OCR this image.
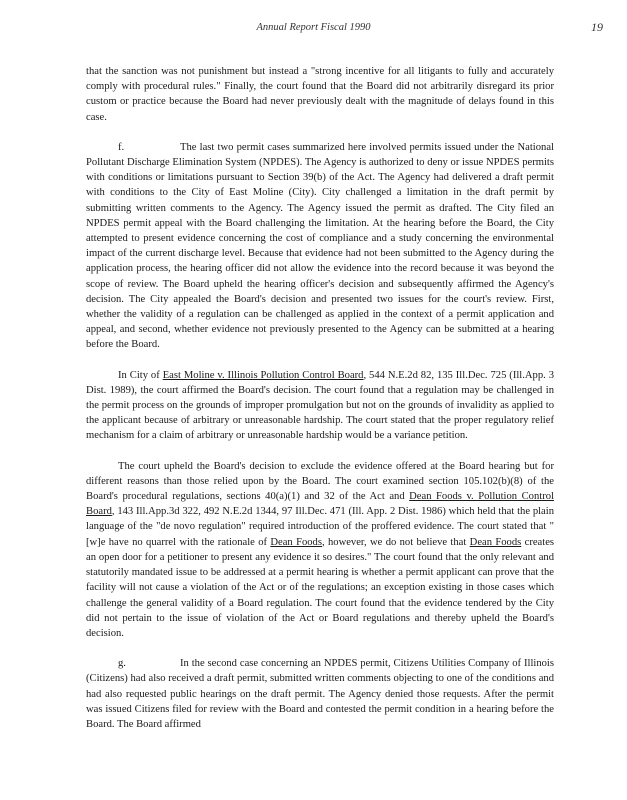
Annual Report Fiscal 1990	19

that the sanction was not punishment but instead a "strong incentive for all litigants to fully and accurately comply with procedural rules." Finally, the court found that the Board did not arbitrarily disregard its prior custom or practice because the Board had never previously dealt with the magnitude of delays found in this case.

f.	The last two permit cases summarized here involved permits issued under the National Pollutant Discharge Elimination System (NPDES). The Agency is authorized to deny or issue NPDES permits with conditions or limitations pursuant to Section 39(b) of the Act. The Agency had delivered a draft permit with conditions to the City of East Moline (City). City challenged a limitation in the draft permit by submitting written comments to the Agency. The Agency issued the permit as drafted. The City filed an NPDES permit appeal with the Board challenging the limitation. At the hearing before the Board, the City attempted to present evidence concerning the cost of compliance and a study concerning the environmental impact of the current discharge level. Because that evidence had not been submitted to the Agency during the application process, the hearing officer did not allow the evidence into the record because it was beyond the scope of review. The Board upheld the hearing officer's decision and subsequently affirmed the Agency's decision. The City appealed the Board's decision and presented two issues for the court's review. First, whether the validity of a regulation can be challenged as applied in the context of a permit application and appeal, and second, whether evidence not previously presented to the Agency can be submitted at a hearing before the Board.

In City of East Moline v. Illinois Pollution Control Board, 544 N.E.2d 82, 135 Ill.Dec. 725 (Ill.App. 3 Dist. 1989), the court affirmed the Board's decision. The court found that a regulation may be challenged in the permit process on the grounds of improper promulgation but not on the grounds of invalidity as applied to the applicant because of arbitrary or unreasonable hardship. The court stated that the proper regulatory relief mechanism for a claim of arbitrary or unreasonable hardship would be a variance petition.

The court upheld the Board's decision to exclude the evidence offered at the Board hearing but for different reasons than those relied upon by the Board. The court examined section 105.102(b)(8) of the Board's procedural regulations, sections 40(a)(1) and 32 of the Act and Dean Foods v. Pollution Control Board, 143 Ill.App.3d 322, 492 N.E.2d 1344, 97 Ill.Dec. 471 (Ill. App. 2 Dist. 1986) which held that the plain language of the "de novo regulation" required introduction of the proffered evidence. The court stated that "[w]e have no quarrel with the rationale of Dean Foods, however, we do not believe that Dean Foods creates an open door for a petitioner to present any evidence it so desires." The court found that the only relevant and statutorily mandated issue to be addressed at a permit hearing is whether a permit applicant can prove that the facility will not cause a violation of the Act or of the regulations; an exception existing in those cases which challenge the general validity of a Board regulation. The court found that the evidence tendered by the City did not pertain to the issue of violation of the Act or Board regulations and thereby upheld the Board's decision.

g.	In the second case concerning an NPDES permit, Citizens Utilities Company of Illinois (Citizens) had also received a draft permit, submitted written comments objecting to one of the conditions and had also requested public hearings on the draft permit. The Agency denied those requests. After the permit was issued Citizens filed for review with the Board and contested the permit condition in a hearing before the Board. The Board affirmed
